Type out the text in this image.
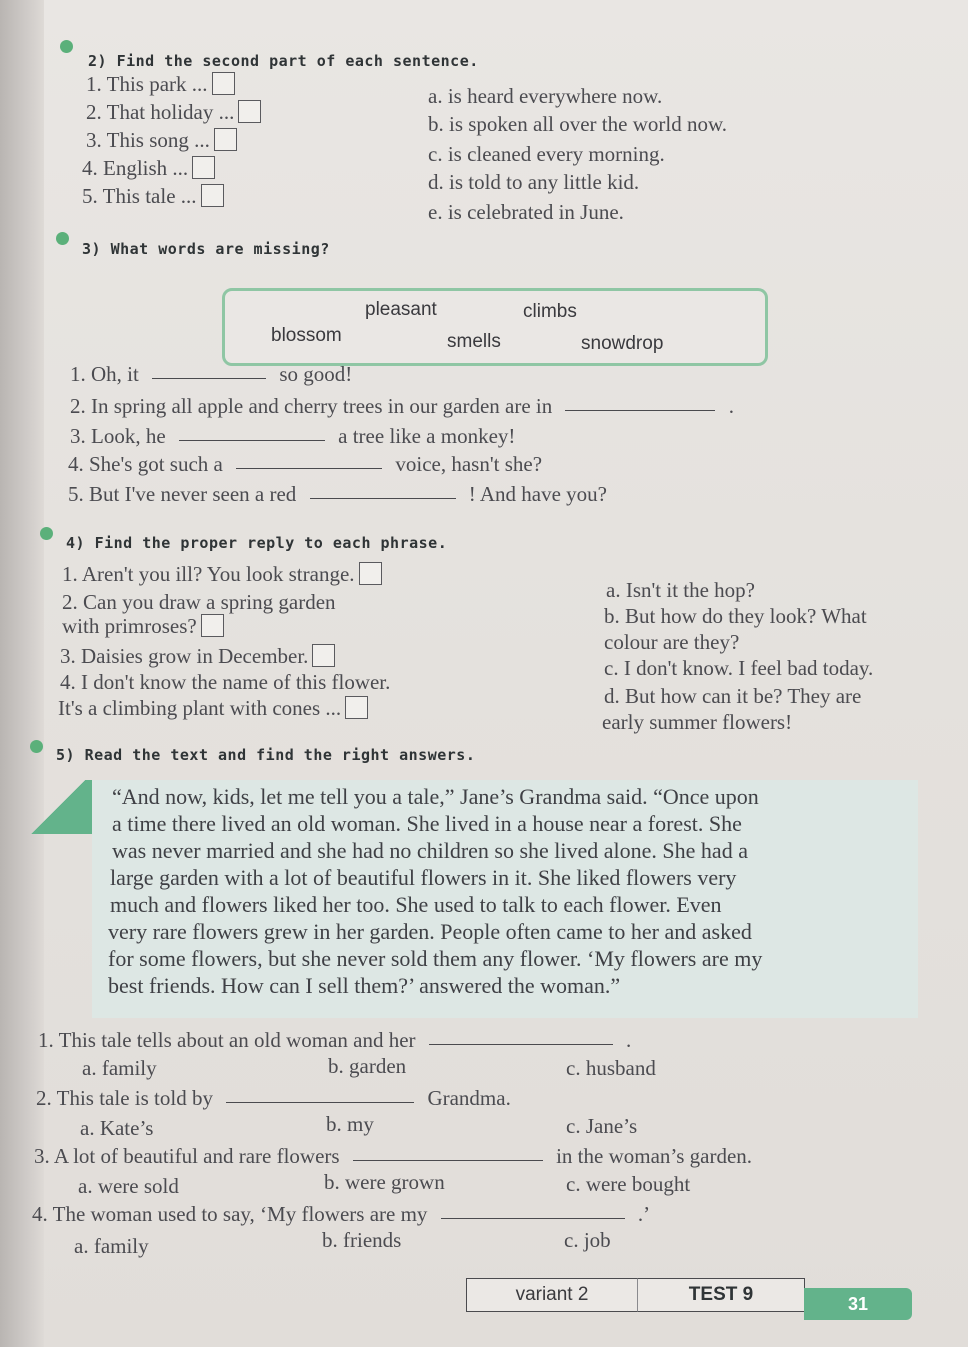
2) Find the second part of each sentence.
1. This park ...
2. That holiday ...
3. This song ...
4. English ...
5. This tale ...
a. is heard everywhere now.
b. is spoken all over the world now.
c. is cleaned every morning.
d. is told to any little kid.
e. is celebrated in June.
3) What words are missing?
pleasant	climbs
blossom	smells	snowdrop
1. Oh, it	so good!
2. In spring all apple and cherry trees in our garden are in	.
3. Look, he	a tree like a monkey!
4. She's got such a	voice, hasn't she?
5. But I've never seen a red	! And have you?
4) Find the proper reply to each phrase.
1. Aren't you ill? You look strange.
2. Can you draw a spring garden
with primroses?
3. Daisies grow in December.
4. I don't know the name of this flower.
It's a climbing plant with cones ...
a. Isn't it the hop?
b. But how do they look? What
colour are they?
c. I don't know. I feel bad today.
d. But how can it be? They are
early summer flowers!
5) Read the text and find the right answers.
“And now, kids, let me tell you a tale,” Jane’s Grandma said. “Once upon
a time there lived an old woman. She lived in a house near a forest. She
was never married and she had no children so she lived alone. She had a
large garden with a lot of beautiful flowers in it. She liked flowers very
much and flowers liked her too. She used to talk to each flower. Even
very rare flowers grew in her garden. People often came to her and asked
for some flowers, but she never sold them any flower. ‘My flowers are my
best friends. How can I sell them?’ answered the woman.”
1. This tale tells about an old woman and her	.
a. family	b. garden	c. husband
2. This tale is told by	Grandma.
a. Kate’s	b. my	c. Jane’s
3. A lot of beautiful and rare flowers	in the woman’s garden.
a. were sold	b. were grown	c. were bought
4. The woman used to say, ‘My flowers are my	.’
a. family	b. friends	c. job
variant 2	TEST 9	31
